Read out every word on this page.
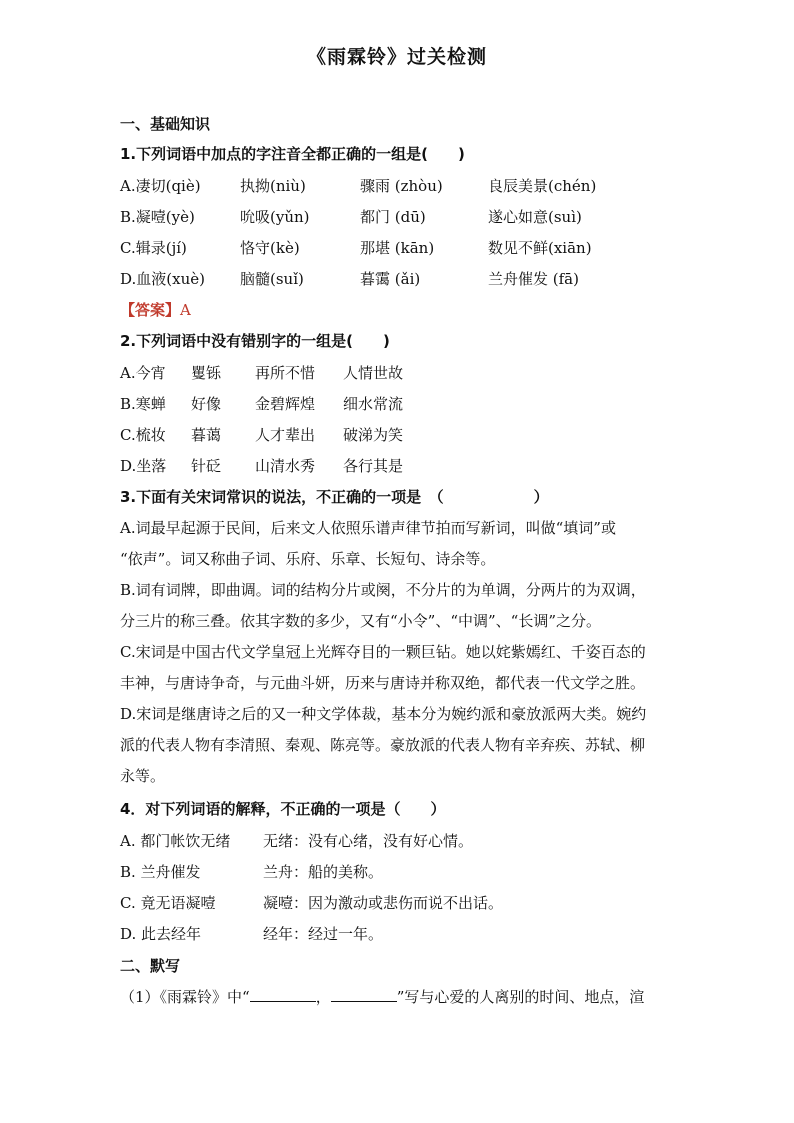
《雨霖铃》过关检测
一、基础知识
1.下列词语中加点的字注音全都正确的一组是(　　)
A.凄切(qiè)	执拗(niù)	骤雨 (zhòu)	良辰美景(chén)
B.凝噎(yè)	吮吸(yǔn)	都门 (dū)	遂心如意(suì)
C.辑录(jí)	恪守(kè)	那堪 (kān)	数见不鲜(xiān)
D.血液(xuè) 脑髓(suǐ)	暮霭 (ǎi)	兰舟催发 (fā)
【答案】A
2.下列词语中没有错别字的一组是(　　)
A.今宵 矍铄 再所不惜 人情世故
B.寒蝉 好像 金碧辉煌 细水常流
C.梳妆 暮蔼 人才辈出 破涕为笑
D.坐落 针砭 山清水秀 各行其是
3.下面有关宋词常识的说法，不正确的一项是　（　　　　　　）
A.词最早起源于民间，后来文人依照乐谱声律节拍而写新词，叫做“填词”或
“依声”。词又称曲子词、乐府、乐章、长短句、诗余等。
B.词有词牌，即曲调。词的结构分片或阕，不分片的为单调，分两片的为双调，
分三片的称三叠。依其字数的多少，又有“小令”、“中调”、“长调”之分。
C.宋词是中国古代文学皇冠上光辉夺目的一颗巨钻。她以姹紫嫣红、千姿百态的
丰神，与唐诗争奇，与元曲斗妍，历来与唐诗并称双绝，都代表一代文学之胜。
D.宋词是继唐诗之后的又一种文学体裁，基本分为婉约派和豪放派两大类。婉约
派的代表人物有李清照、秦观、陈亮等。豪放派的代表人物有辛弃疾、苏轼、柳
永等。
4．对下列词语的解释，不正确的一项是（　　）
A. 都门帐饮无绪 无绪：没有心绪，没有好心情。
B. 兰舟催发	兰舟：船的美称。
C. 竟无语凝噎	凝噎：因为激动或悲伤而说不出话。
D. 此去经年	经年：经过一年。
二、默写
（1）《雨霖铃》中“	，	”写与心爱的人离别的时间、地点，渲
